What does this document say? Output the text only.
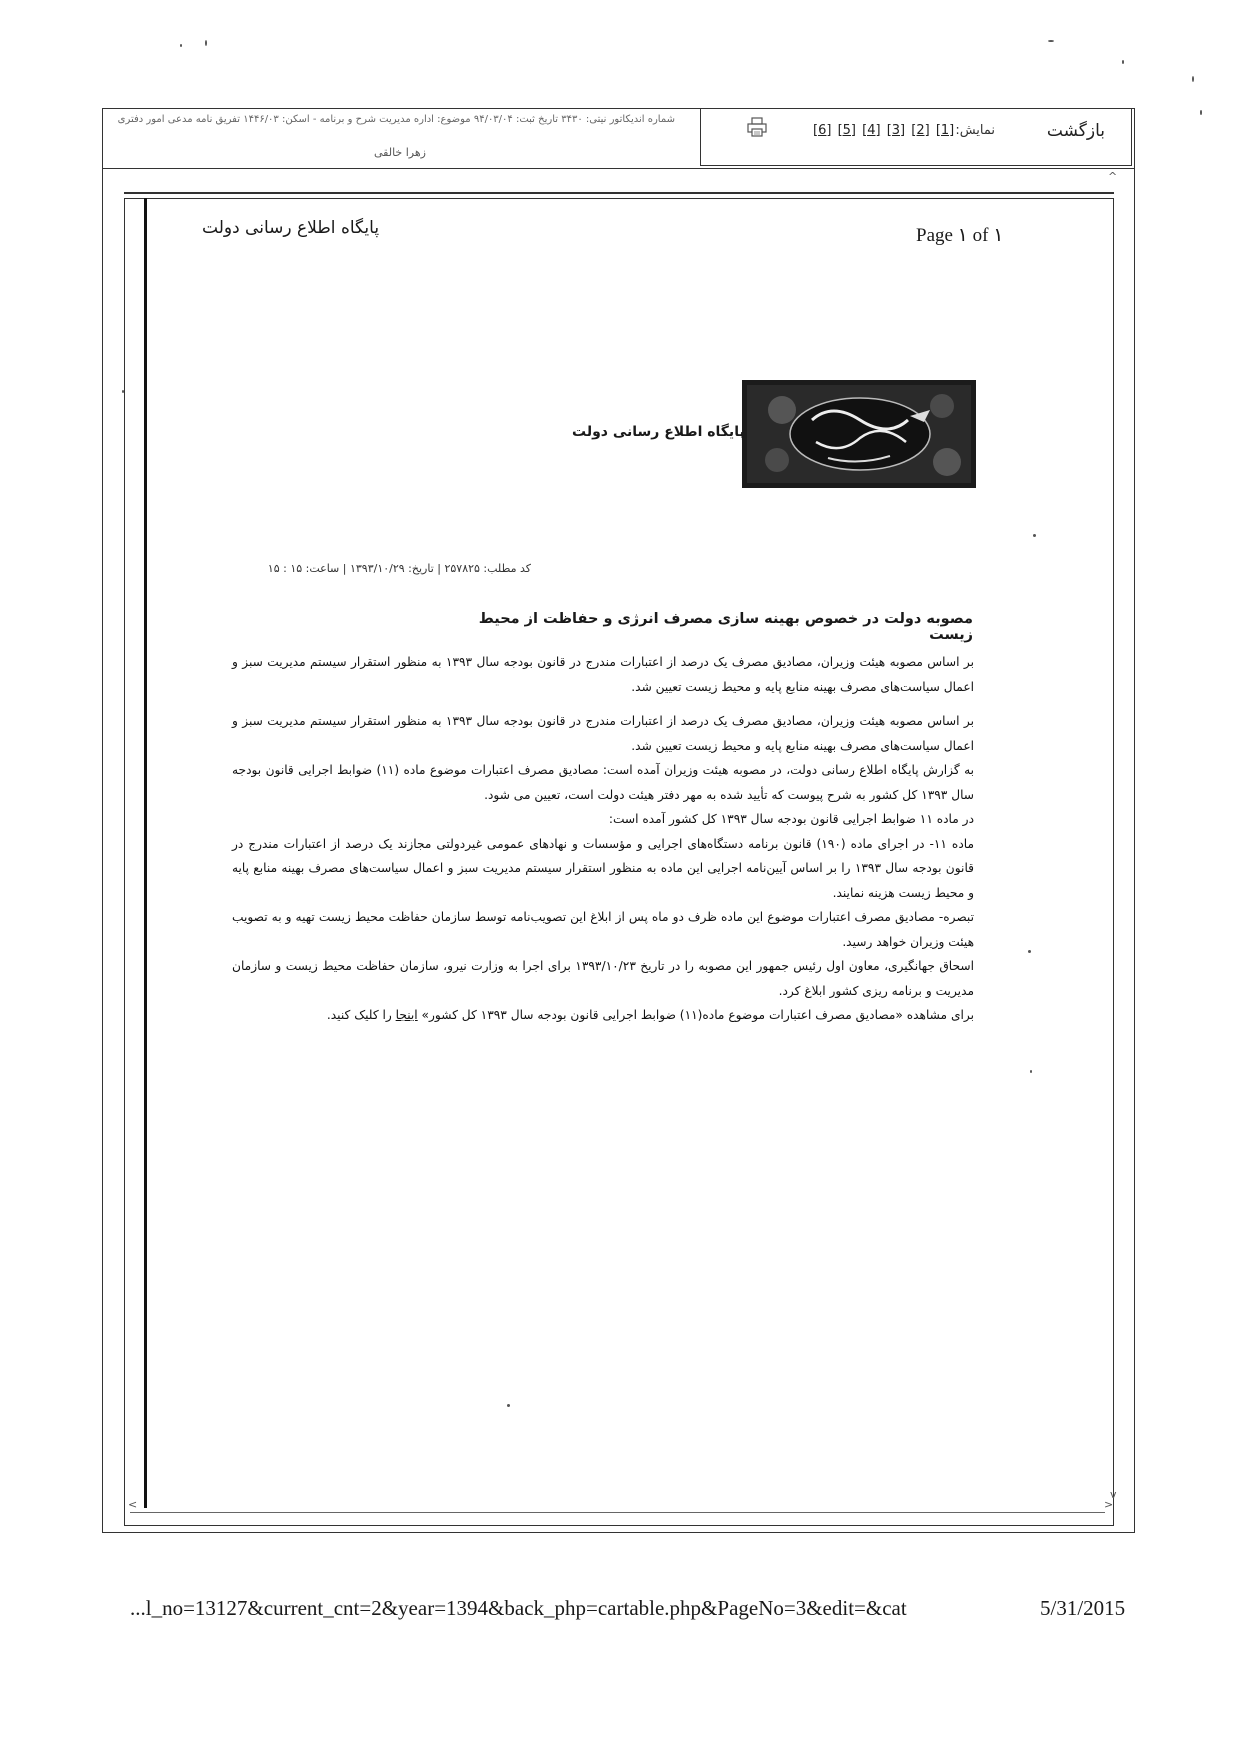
شماره اندیکاتور نیتی: ۳۴۳۰ تاریخ ثبت: ۹۴/۰۳/۰۴ موضوع: اداره مدیریت شرح و برنامه - اسکن: ۱۴۴۶/۰۳ تفریق نامه مدعی امور دفتری
زهرا خالقی
بازگشت
نمایش:
[6] [5] [4] [3] [2] [1]
^
پایگاه اطلاع رسانی دولت	Page ۱ of ۱
پایگاه اطلاع رسانی دولت
کد مطلب: ۲۵۷۸۲۵ | تاریخ: ۱۳۹۳/۱۰/۲۹ | ساعت: ۱۵ : ۱۵
مصوبه دولت در خصوص بهینه سازی مصرف انرژی و حفاظت از محیط زیست

بر اساس مصوبه هیئت وزیران، مصادیق مصرف یک درصد از اعتبارات مندرج در قانون بودجه سال ۱۳۹۳ به منظور استقرار سیستم مدیریت سبز و اعمال سیاست‌های مصرف بهینه منابع پایه و محیط زیست تعیین شد.

بر اساس مصوبه هیئت وزیران، مصادیق مصرف یک درصد از اعتبارات مندرج در قانون بودجه سال ۱۳۹۳ به منظور استقرار سیستم مدیریت سبز و اعمال سیاست‌های مصرف بهینه منابع پایه و محیط زیست تعیین شد.

به گزارش پایگاه اطلاع رسانی دولت، در مصوبه هیئت وزیران آمده است: مصادیق مصرف اعتبارات موضوع ماده (۱۱) ضوابط اجرایی قانون بودجه سال ۱۳۹۳ کل کشور به شرح پیوست که تأیید شده به مهر دفتر هیئت دولت است، تعیین می شود.

در ماده ۱۱ ضوابط اجرایی قانون بودجه سال ۱۳۹۳ کل کشور آمده است:

ماده ۱۱- در اجرای ماده (۱۹۰) قانون برنامه دستگاه‌های اجرایی و مؤسسات و نهادهای عمومی غیردولتی مجازند یک درصد از اعتبارات مندرج در قانون بودجه سال ۱۳۹۳ را بر اساس آیین‌نامه اجرایی این ماده به منظور استقرار سیستم مدیریت سبز و اعمال سیاست‌های مصرف بهینه منابع پایه و محیط زیست هزینه نمایند.

تبصره- مصادیق مصرف اعتبارات موضوع این ماده ظرف دو ماه پس از ابلاغ این تصویب‌نامه توسط سازمان حفاظت محیط زیست تهیه و به تصویب هیئت وزیران خواهد رسید.

اسحاق جهانگیری، معاون اول رئیس جمهور این مصوبه را در تاریخ ۱۳۹۳/۱۰/۲۳ برای اجرا به وزارت نیرو، سازمان حفاظت محیط زیست و سازمان مدیریت و برنامه ریزی کشور ابلاغ کرد.

برای مشاهده «مصادیق مصرف اعتبارات موضوع ماده(۱۱) ضوابط اجرایی قانون بودجه سال ۱۳۹۳ کل کشور» اینجا را کلیک کنید.

<	>
v
...l_no=13127&current_cnt=2&year=1394&back_php=cartable.php&PageNo=3&edit=&cat	5/31/2015
